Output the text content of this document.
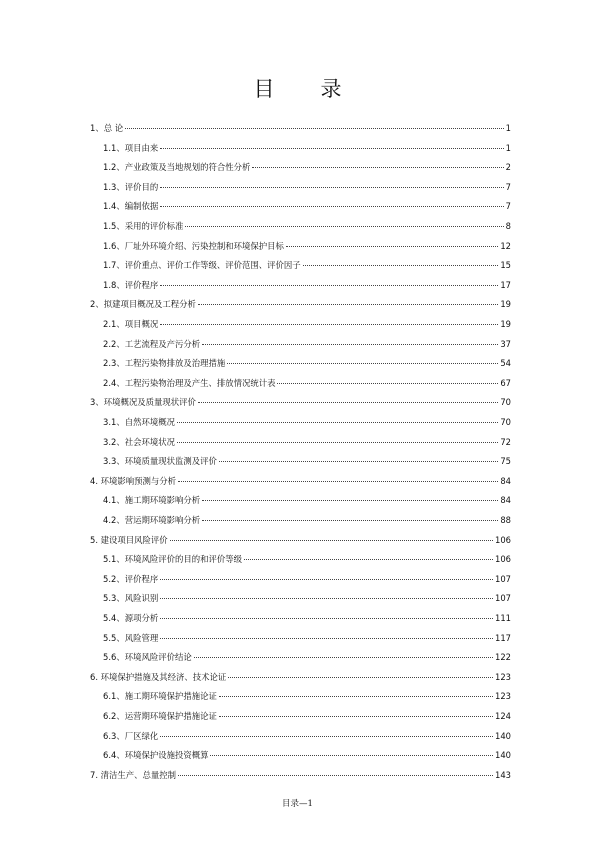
目 录
1、总 论	1
1.1、项目由来	1
1.2、产业政策及当地规划的符合性分析	2
1.3、评价目的	7
1.4、编制依据	7
1.5、采用的评价标准	8
1.6、厂址外环境介绍、污染控制和环境保护目标	12
1.7、评价重点、评价工作等级、评价范围、评价因子	15
1.8、评价程序	17
2、拟建项目概况及工程分析	19
2.1、项目概况	19
2.2、工艺流程及产污分析	37
2.3、工程污染物排放及治理措施	54
2.4、工程污染物治理及产生、排放情况统计表	67
3、环境概况及质量现状评价	70
3.1、自然环境概况	70
3.2、社会环境状况	72
3.3、环境质量现状监测及评价	75
4. 环境影响预测与分析	84
4.1、施工期环境影响分析	84
4.2、营运期环境影响分析	88
5. 建设项目风险评价	106
5.1、环境风险评价的目的和评价等级	106
5.2、评价程序	107
5.3、风险识别	107
5.4、源项分析	111
5.5、风险管理	117
5.6、环境风险评价结论	122
6. 环境保护措施及其经济、技术论证	123
6.1、施工期环境保护措施论证	123
6.2、运营期环境保护措施论证	124
6.3、厂区绿化	140
6.4、环境保护设施投资概算	140
7. 清洁生产、总量控制	143
目录—1
